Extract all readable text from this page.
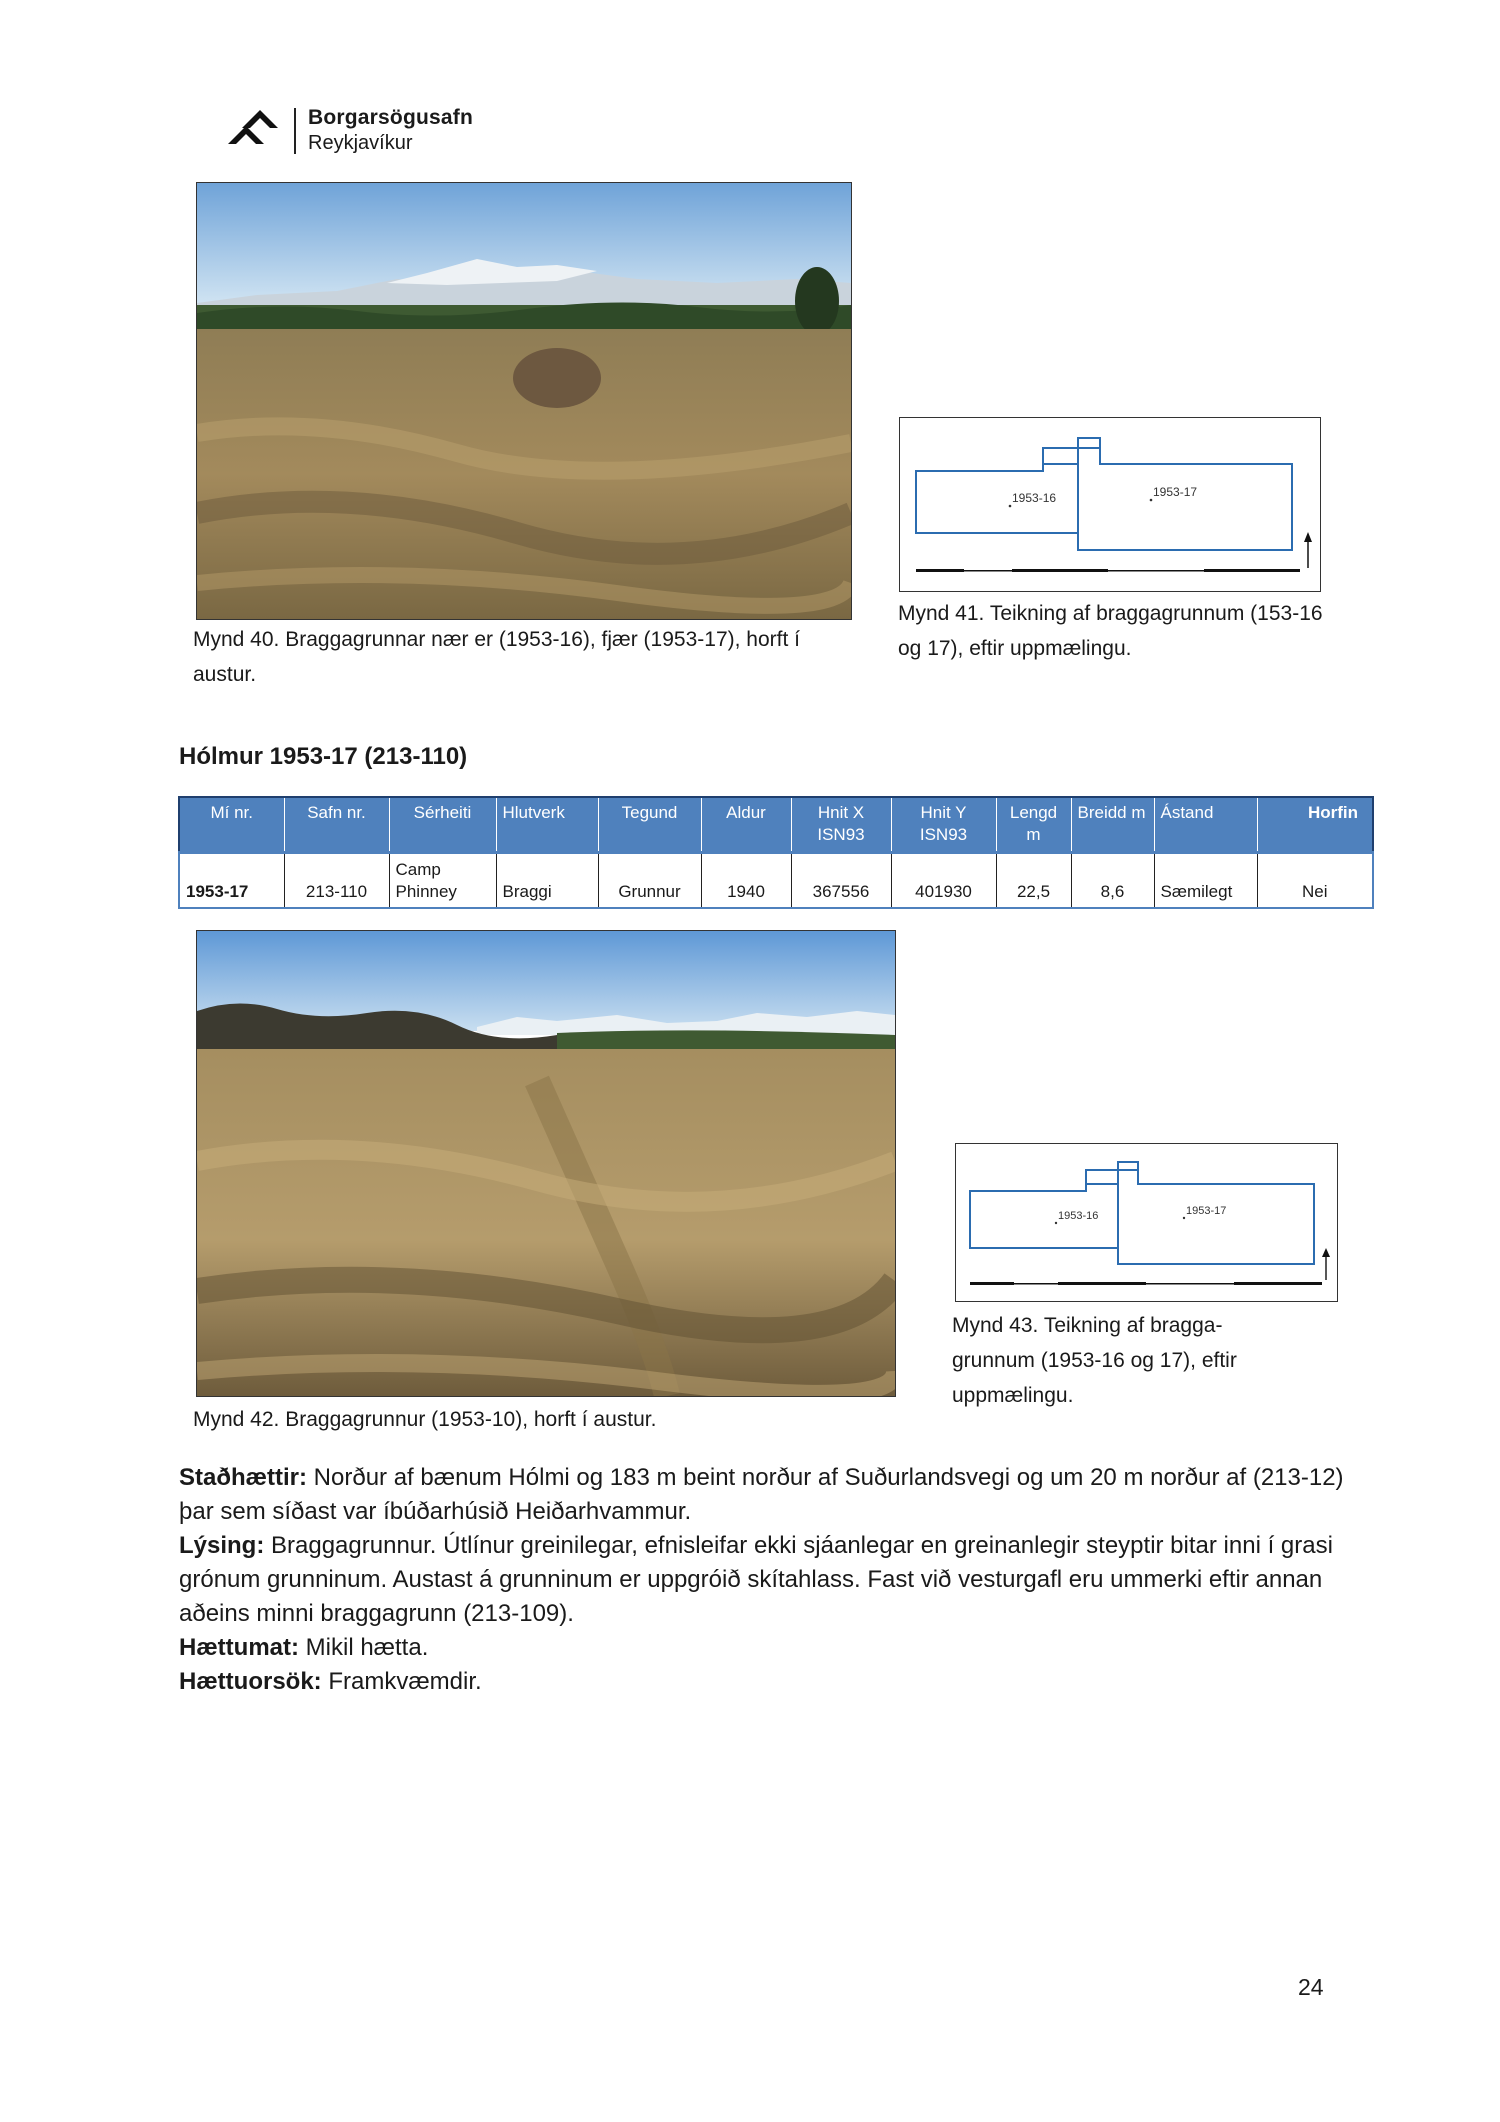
Borgarsögusafn
Reykjavíkur
Mynd 40. Braggagrunnar nær er (1953-16), fjær (1953-17), horft í austur.
1953-16	1953-17
Mynd 41. Teikning af braggagrunnum (153-16 og 17), eftir uppmælingu.
Hólmur 1953-17 (213-110)
Mí nr.	Safn nr.	Sérheiti	Hlutverk	Tegund	Aldur	Hnit X ISN93	Hnit Y ISN93	Lengd m	Breidd m	Ástand	Horfin
1953-17	213-110	Camp Phinney	Braggi	Grunnur	1940	367556	401930	22,5	8,6	Sæmilegt	Nei
Mynd 42. Braggagrunnur (1953-10), horft í austur.
1953-16	1953-17
Mynd 43. Teikning af bragga-grunnum (1953-16 og 17), eftir uppmælingu.

Staðhættir: Norður af bænum Hólmi og 183 m beint norður af Suðurlandsvegi og um 20 m norður af (213-12) þar sem síðast var íbúðarhúsið Heiðarhvammur.

Lýsing: Braggagrunnur. Útlínur greinilegar, efnisleifar ekki sjáanlegar en greinanlegir steyptir bitar inni í grasi grónum grunninum. Austast á grunninum er uppgróið skítahlass. Fast við vesturgafl eru ummerki eftir annan aðeins minni braggagrunn (213-109).

Hættumat: Mikil hætta.

Hættuorsök: Framkvæmdir.

24
